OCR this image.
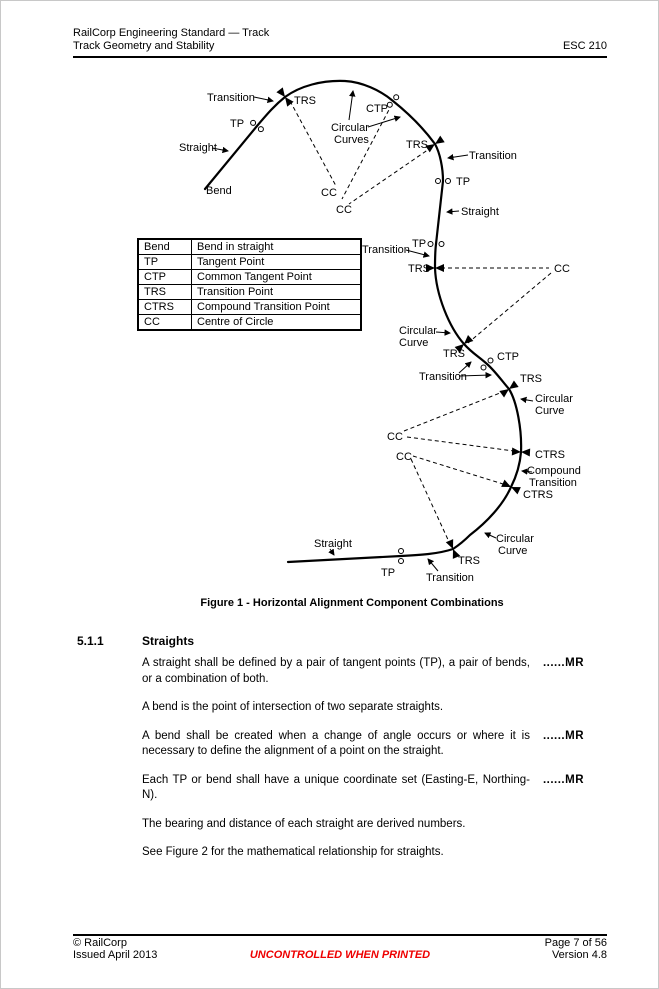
RailCorp Engineering Standard — Track
Track Geometry and Stability	ESC 210
Transition	TRS
TP
Straight
Bend
Circular
Curves
CTP
TRS
Transition
TP
Straight
TP
Transition
TRS	CC
CC
CC
Circular
Curve
TRS	CTP
Transition	TRS
Circular
Curve
CC
CC	CTRS
Compound
Transition
CTRS
Circular
Curve
Straight
TP	Transition
TRS
Bend	Bend in straight
TP	Tangent Point
CTP	Common Tangent Point
TRS	Transition Point
CTRS	Compound Transition Point
CC	Centre of Circle
Figure 1 - Horizontal Alignment Component Combinations
5.1.1	Straights
A straight shall be defined by a pair of tangent points (TP), a pair of bends, or a combination of both.
......MR
A bend is the point of intersection of two separate straights.
A bend shall be created when a change of angle occurs or where it is necessary to define the alignment of a point on the straight.
......MR
Each TP or bend shall have a unique coordinate set (Easting-E, Northing-N).
......MR
The bearing and distance of each straight are derived numbers.
See Figure 2 for the mathematical relationship for straights.
© RailCorp
Issued April 2013	UNCONTROLLED WHEN PRINTED
Page 7 of 56
Version 4.8
